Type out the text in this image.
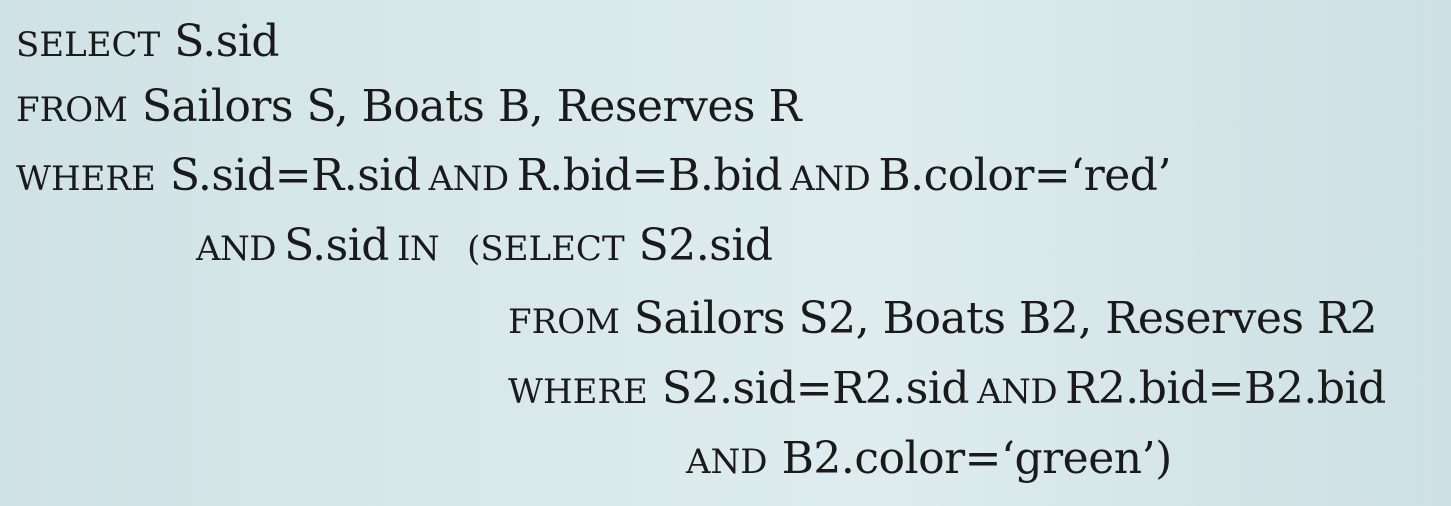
SELECT S.sid
FROM Sailors S, Boats B, Reserves R
WHERE S.sid=R.sid AND R.bid=B.bid AND B.color=‘red’
AND S.sid IN (SELECT S2.sid
FROM Sailors S2, Boats B2, Reserves R2
WHERE S2.sid=R2.sid AND R2.bid=B2.bid
AND B2.color=‘green’)
